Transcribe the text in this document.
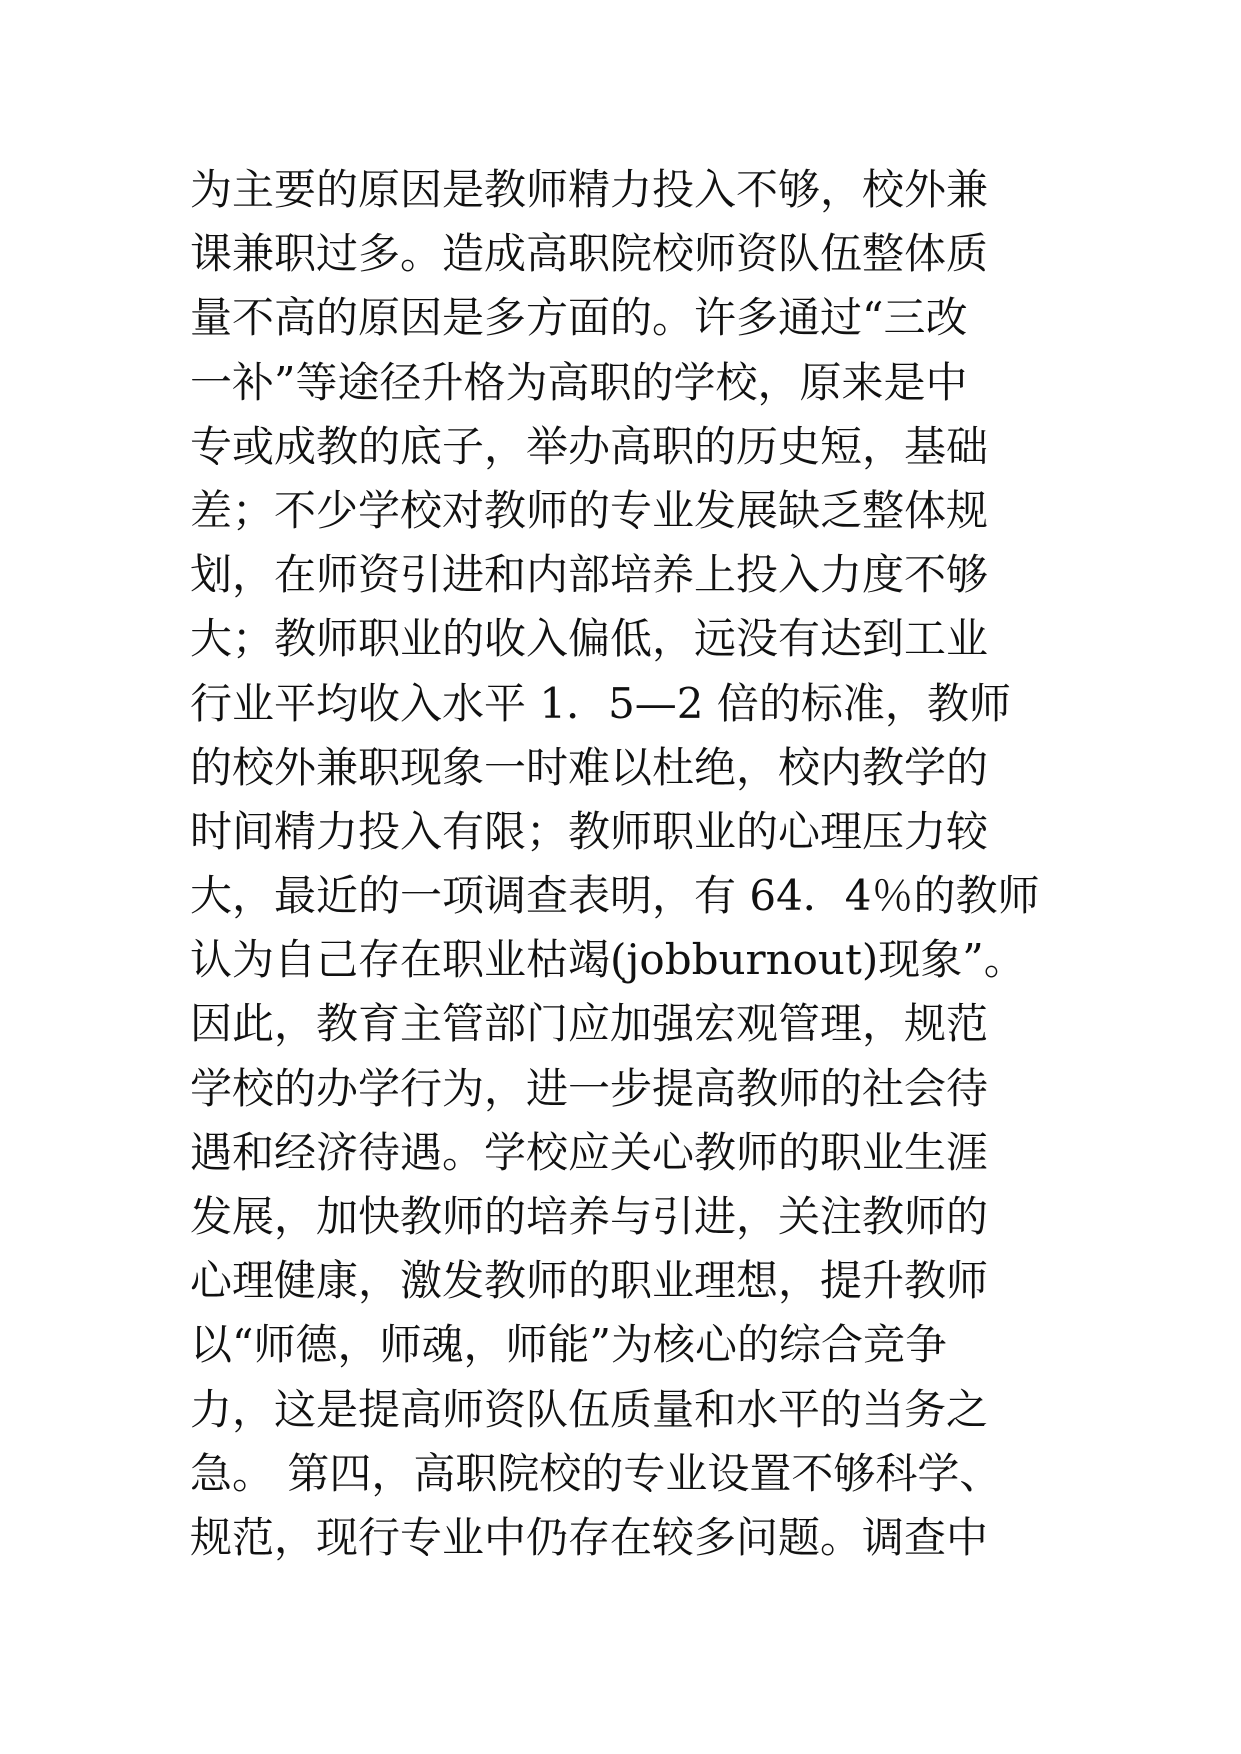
为主要的原因是教师精力投入不够，校外兼
课兼职过多。造成高职院校师资队伍整体质
量不高的原因是多方面的。许多通过“三改
一补”等途径升格为高职的学校，原来是中
专或成教的底子，举办高职的历史短，基础
差；不少学校对教师的专业发展缺乏整体规
划，在师资引进和内部培养上投入力度不够
大；教师职业的收入偏低，远没有达到工业
行业平均收入水平 1．5—2 倍的标准，教师
的校外兼职现象一时难以杜绝，校内教学的
时间精力投入有限；教师职业的心理压力较
大，最近的一项调查表明，有 64．4％的教师
认为自己存在职业枯竭(jobburnout)现象”。
因此，教育主管部门应加强宏观管理，规范
学校的办学行为，进一步提高教师的社会待
遇和经济待遇。学校应关心教师的职业生涯
发展，加快教师的培养与引进，关注教师的
心理健康，激发教师的职业理想，提升教师
以“师德，师魂，师能”为核心的综合竞争
力，这是提高师资队伍质量和水平的当务之
急。 第四，高职院校的专业设置不够科学、
规范，现行专业中仍存在较多问题。调查中
